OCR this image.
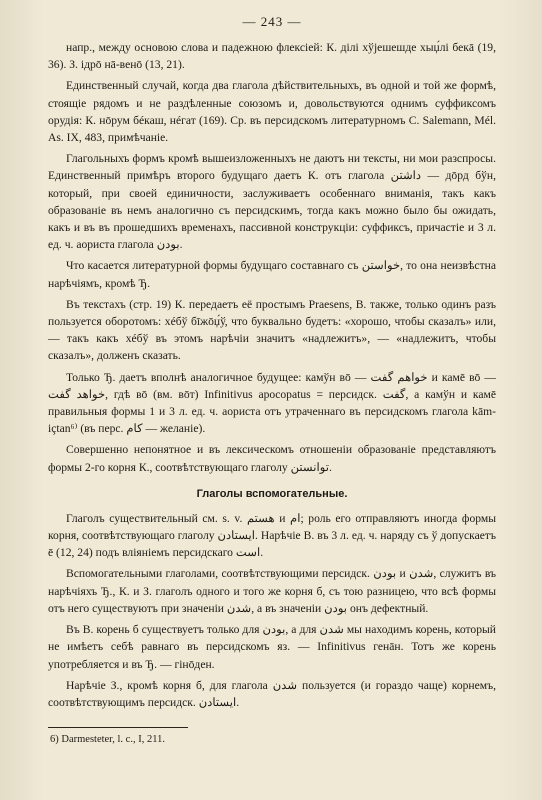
— 243 —

напр., между основою слова и падежною флексіей: К. ділі хўјешешде хыџ́лі бекā (19, 36). З. ідрō нā-венō (13, 21).

Единственный случай, когда два глагола дѣйствительныхъ, въ одной и той же формѣ, стоящіе рядомъ и не раздѣленные союзомъ и, довольствуются однимъ суффиксомъ орудія: К. нōрум бéкаш, нéгат (169). Ср. въ персидскомъ литературномъ C. Salemann, Mél. As. IX, 483, примѣчаніе.

Глагольныхъ формъ кромѣ вышеизложенныхъ не даютъ ни тексты, ни мои разспросы. Единственный примѣръ второго будущаго даетъ К. отъ глагола داشتن — дōрд бўн, который, при своей единичности, заслуживаетъ особеннаго вниманія, такъ какъ образованіе въ немъ аналогично съ персидскимъ, тогда какъ можно было бы ожидать, какъ и въ въ прошедшихъ временахъ, пассивной конструкціи: суффиксъ, причастіе и 3 л. ед. ч. аориста глагола بودن.

Что касается литературной формы будущаго составнаго съ خواستن, то она неизвѣстна нарѣчіямъ, кромѣ Ђ.

Въ текстахъ (стр. 19) К. передаетъ её простымъ Praesens, В. также, только одинъ разъ пользуется оборотомъ: хéбў бīжōџ́ў, что буквально будетъ: «хорошо, чтобы сказалъ» или, — такъ какъ хéбў въ этомъ нарѣчіи значитъ «надлежитъ», — «надлежитъ, чтобы сказалъ», долженъ сказать.

Только Ђ. даетъ вполнѣ аналогичное будущее: камўн вō — خواهم گفت и камē вō — خواهد گفت, гдѣ вō (вм. вōт) Infinitivus apocopatus = персидск. گفت, а камўн и камē правильныя формы 1 и 3 л. ед. ч. аориста отъ утраченнаго въ персидскомъ глагола kām-içtan⁶⁾ (въ перс. كام — желаніе).

Совершенно непонятное и въ лексическомъ отношеніи образованіе представляютъ формы 2-го корня К., соотвѣтствующаго глаголу توانستن.

Глаголы вспомогательные.

Глаголъ существительный см. s. v. هستم и ام; роль его отправляютъ иногда формы корня, соотвѣтствующаго глаголу ايستادن. Нарѣчіе В. въ 3 л. ед. ч. наряду съ ў допускаетъ ē (12, 24) подъ вліяніемъ персидскаго است.

Вспомогательными глаголами, соотвѣтствующими персидск. بودن и شدن, служитъ въ нарѣчіяхъ Ђ., К. и З. глаголъ одного и того же корня б, съ тою разницею, что всѣ формы отъ него существуютъ при значеніи شدن, а въ значеніи بودن онъ дефектный.

Въ В. корень б существуетъ только для بودن, а для شدن мы находимъ корень, который не имѣетъ себѣ равнаго въ персидскомъ яз. — Infinitivus генāн. Тотъ же корень употребляется и въ Ђ. — гінōден.

Нарѣчіе З., кромѣ корня б, для глагола شدن пользуется (и гораздо чаще) корнемъ, соотвѣтствующимъ персидск. ايستادن.

6) Darmesteter, l. c., I, 211.
